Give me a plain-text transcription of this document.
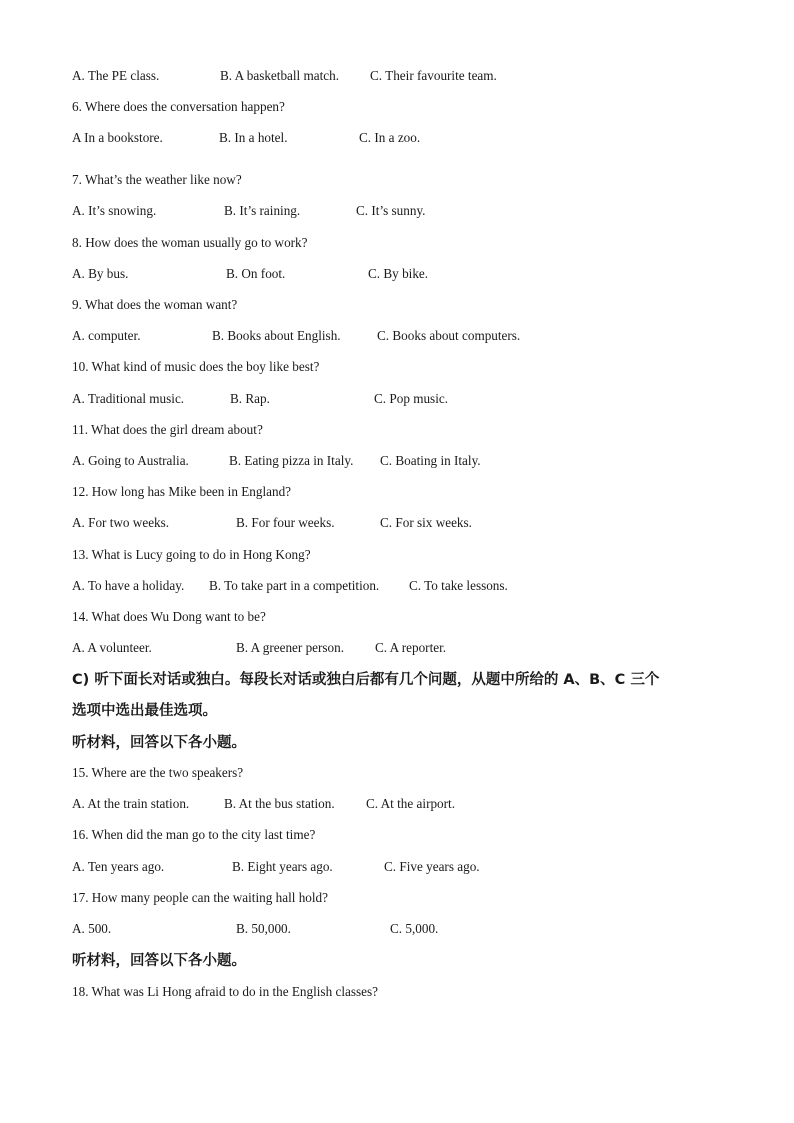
A. The PE class.	B. A basketball match. C. Their favourite team.
6. Where does the conversation happen?
A In a bookstore.	B. In a hotel.	C. In a zoo.
7. What’s the weather like now?
A. It’s snowing.	B. It’s raining.	C. It’s sunny.
8. How does the woman usually go to work?
A. By bus.	B. On foot.	C. By bike.
9. What does the woman want?
A. computer.	B. Books about English.	C. Books about computers.
10. What kind of music does the boy like best?
A. Traditional music.	B. Rap.	C. Pop music.
11. What does the girl dream about?
A. Going to Australia.	B. Eating pizza in Italy. C. Boating in Italy.
12. How long has Mike been in England?
A. For two weeks.	B. For four weeks.	C. For six weeks.
13. What is Lucy going to do in Hong Kong?
A. To have a holiday. B. To take part in a competition. C. To take lessons.
14. What does Wu Dong want to be?
A. A volunteer.	B. A greener person. C. A reporter.
C) 听下面长对话或独白。每段长对话或独白后都有几个问题，从题中所给的 A、B、C 三个
选项中选出最佳选项。
听材料，回答以下各小题。
15. Where are the two speakers?
A. At the train station.	B. At the bus station. C. At the airport.
16. When did the man go to the city last time?
A. Ten years ago.	B. Eight years ago.	C. Five years ago.
17. How many people can the waiting hall hold?
A. 500.	B. 50,000.	C. 5,000.
听材料，回答以下各小题。
18. What was Li Hong afraid to do in the English classes?
